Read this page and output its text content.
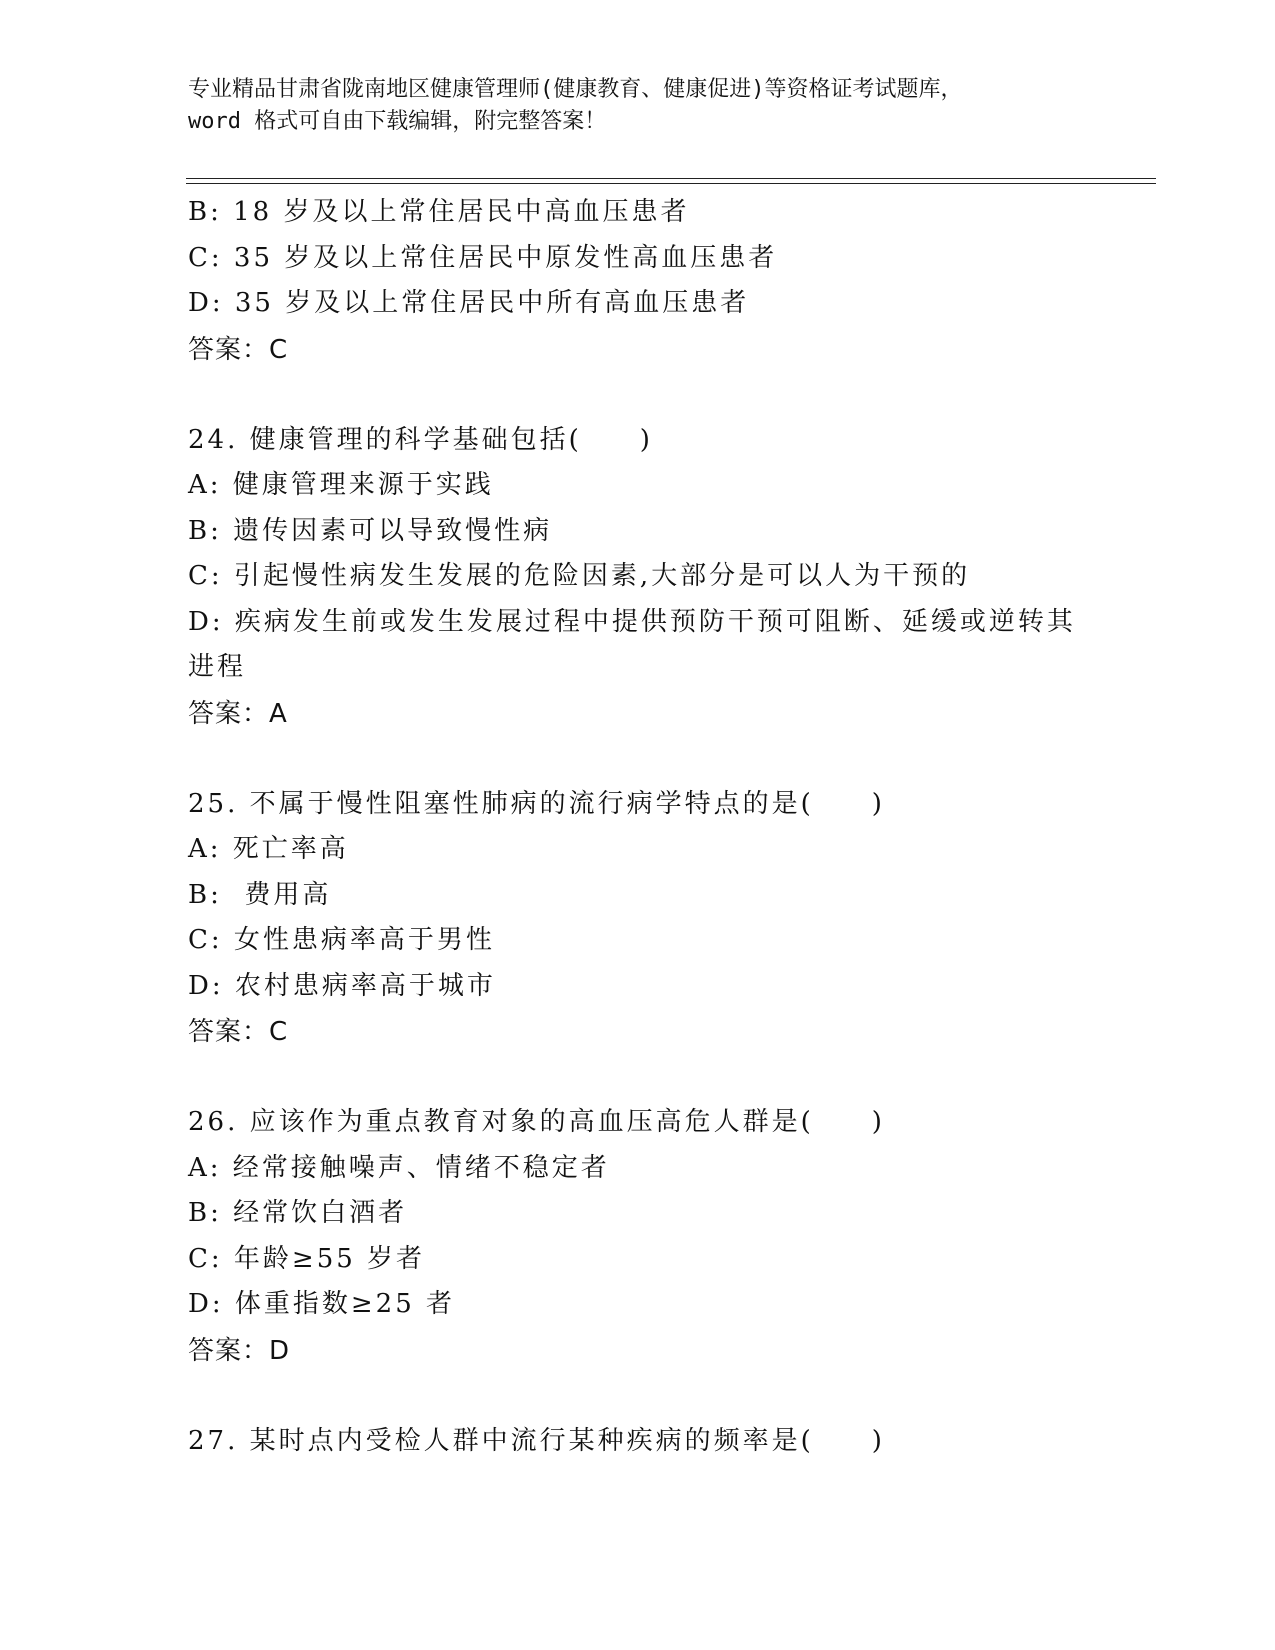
专业精品甘肃省陇南地区健康管理师(健康教育、健康促进)等资格证考试题库，
word 格式可自由下载编辑，附完整答案！
B: 18 岁及以上常住居民中高血压患者
C: 35 岁及以上常住居民中原发性高血压患者
D: 35 岁及以上常住居民中所有高血压患者
答案：C
24. 健康管理的科学基础包括(　　)
A: 健康管理来源于实践
B: 遗传因素可以导致慢性病
C: 引起慢性病发生发展的危险因素,大部分是可以人为干预的
D: 疾病发生前或发生发展过程中提供预防干预可阻断、延缓或逆转其
进程
答案：A
25. 不属于慢性阻塞性肺病的流行病学特点的是(　　)
A: 死亡率高
B:  费用高
C: 女性患病率高于男性
D: 农村患病率高于城市
答案：C
26. 应该作为重点教育对象的高血压高危人群是(　　)
A: 经常接触噪声、情绪不稳定者
B: 经常饮白酒者
C: 年龄≥55 岁者
D: 体重指数≥25 者
答案：D
27. 某时点内受检人群中流行某种疾病的频率是(　　)
